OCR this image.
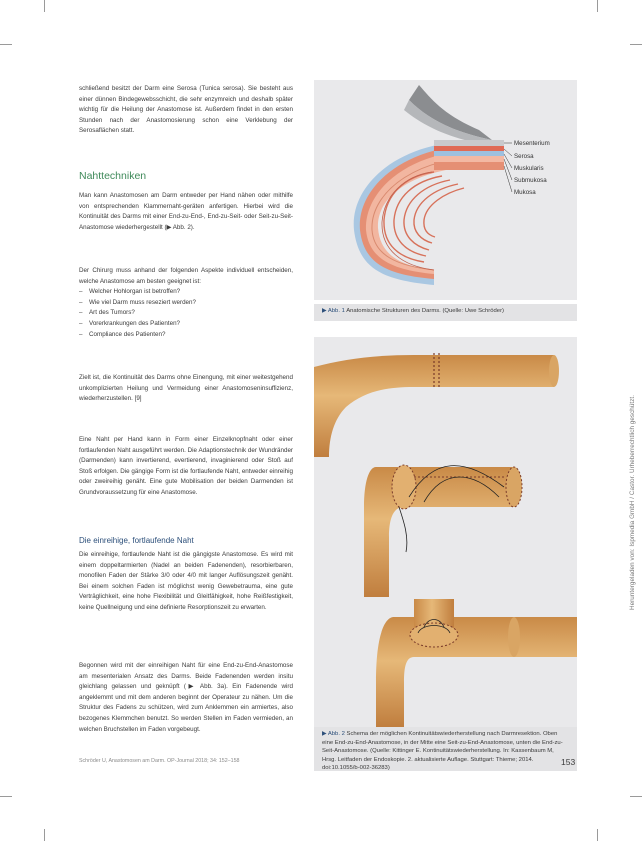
schließend besitzt der Darm eine Serosa (Tunica serosa). Sie besteht aus einer dünnen Bindegewebsschicht, die sehr enzymreich und deshalb später wichtig für die Heilung der Anastomose ist. Außerdem findet in den ersten Stunden nach der Anastomosierung schon eine Verklebung der Serosaflächen statt.

Nahttechniken

Man kann Anastomosen am Darm entweder per Hand nähen oder mithilfe von entsprechenden Klammernaht-geräten anfertigen. Hierbei wird die Kontinuität des Darms mit einer End-zu-End-, End-zu-Seit- oder Seit-zu-Seit-Anastomose wiederhergestellt (▶ Abb. 2).

Der Chirurg muss anhand der folgenden Aspekte individuell entscheiden, welche Anastomose am besten geeignet ist:

– Welcher Hohlorgan ist betroffen?
– Wie viel Darm muss reseziert werden?
– Art des Tumors?
– Vorerkrankungen des Patienten?
– Compliance des Patienten?

Zielt ist, die Kontinuität des Darms ohne Einengung, mit einer weitestgehend unkomplizierten Heilung und Vermeidung einer Anastomoseninsuffizienz, wiederherzustellen. [9]

Eine Naht per Hand kann in Form einer Einzelknopfnaht oder einer fortlaufenden Naht ausgeführt werden. Die Adaptionstechnik der Wundränder (Darmenden) kann invertierend, evertierend, invaginierend oder Stoß auf Stoß erfolgen. Die gängige Form ist die fortlaufende Naht, entweder einreihig oder zweireihig genäht. Eine gute Mobilisation der beiden Darmenden ist Grundvoraussetzung für eine Anastomose.

Die einreihige, fortlaufende Naht

Die einreihige, fortlaufende Naht ist die gängigste Anastomose. Es wird mit einem doppeltarmierten (Nadel an beiden Fadenenden), resorbierbaren, monofilen Faden der Stärke 3/0 oder 4/0 mit langer Auflösungszeit genäht. Bei einem solchen Faden ist möglichst wenig Gewebetrauma, eine gute Verträglichkeit, eine hohe Flexibilität und Gleitfähigkeit, hohe Reißfestigkeit, keine Quellneigung und eine definierte Resorptionszeit zu erwarten.

Begonnen wird mit der einreihigen Naht für eine End-zu-End-Anastomose am mesenterialen Ansatz des Darms. Beide Fadenenden werden insitu gleichlang gelassen und geknüpft (▶ Abb. 3a). Ein Fadenende wird angeklemmt und mit dem anderen beginnt der Operateur zu nähen. Um die Struktur des Fadens zu schützen, wird zum Anklemmen ein armiertes, also bezogenes Klemmchen benutzt. So werden Stellen im Faden vermieden, an welchen Bruchstellen im Faden vorgebeugt.

Mesenterium
Serosa
Muskularis
Submukosa
Mukosa
▶ Abb. 1 Anatomische Strukturen des Darms. (Quelle: Uwe Schröder)
▶ Abb. 2 Schema der möglichen Kontinuitätswiederherstellung nach Darmresektion. Oben eine End-zu-End-Anastomose, in der Mitte eine Seit-zu-End-Anastomose, unten die End-zu-Seit-Anastomose. (Quelle: Kittinger E. Kontinuitätswiederherstellung. In: Kassenbaum M, Hrsg. Leitfaden der Endoskopie. 2. aktualisierte Auflage. Stuttgart: Thieme; 2014. doi:10.1055/b-002-36283)
Heruntergeladen von: Ispmedia GmbH / Castor. Urheberrechtlich geschützt.
Schröder U, Anastomosen am Darm. OP-Journal 2018; 34: 152–158	153
